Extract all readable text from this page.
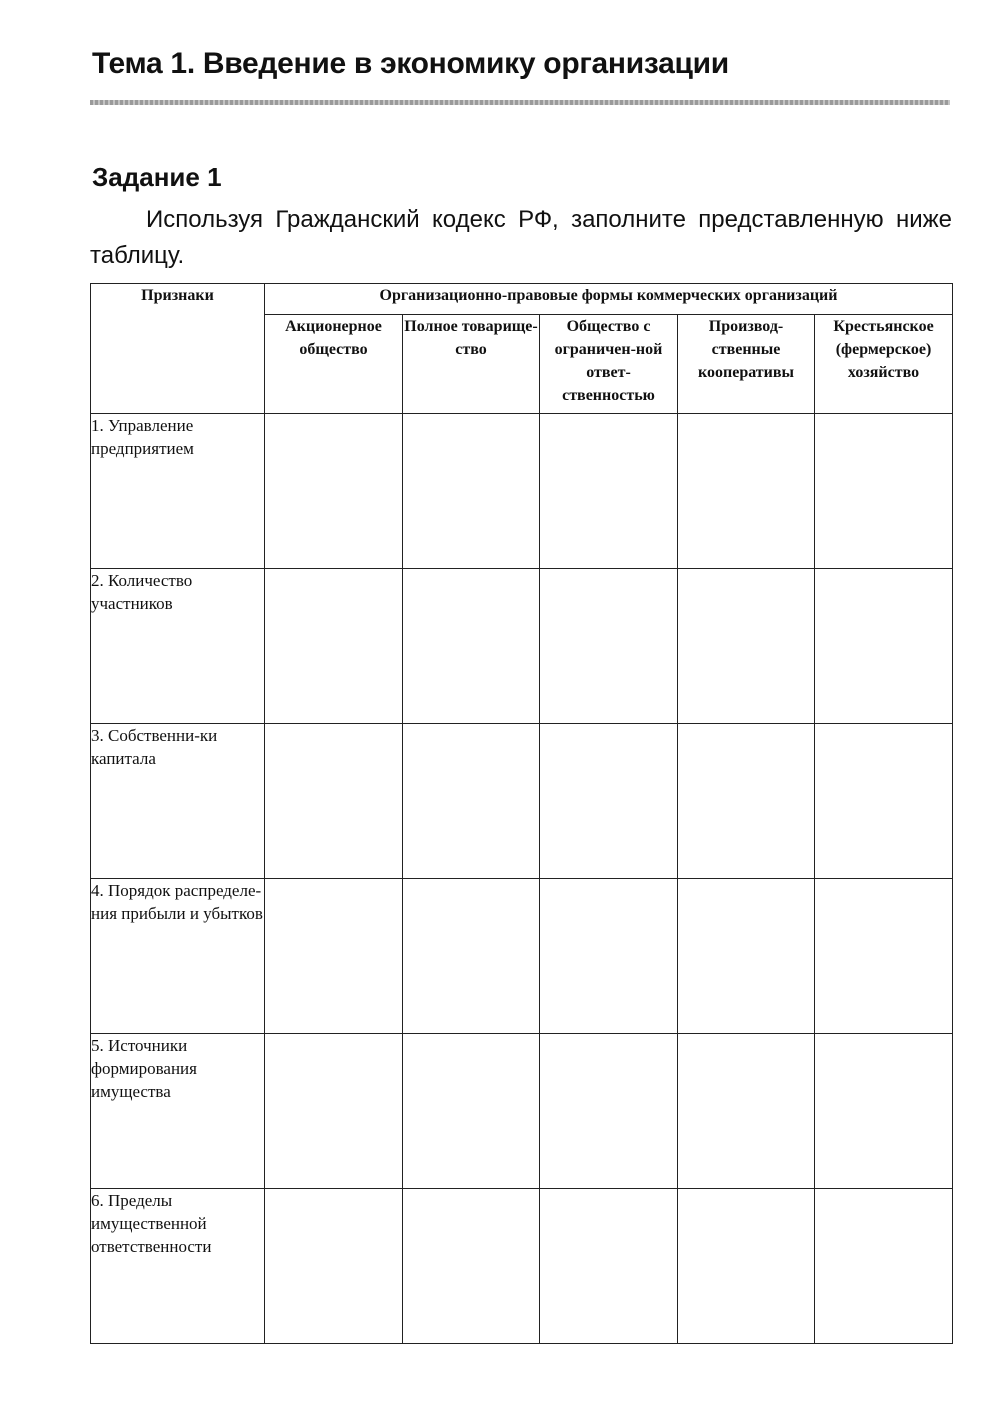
Тема 1. Введение в экономику организации
Задание 1

Используя Гражданский кодекс РФ, заполните представленную ниже таблицу.

Признаки	Организационно-правовые формы коммерческих организаций				
	Акционерное общество	Полное товарище-ство	Общество с ограничен-ной ответ-ственностью	Производ-ственные кооперативы	Крестьянское (фермерское) хозяйство
1. Управление предприятием					
2. Количество участников					
3. Собственни-ки капитала					
4. Порядок распределе-ния прибыли и убытков					
5. Источники формирования имущества					
6. Пределы имущественной ответственности					
